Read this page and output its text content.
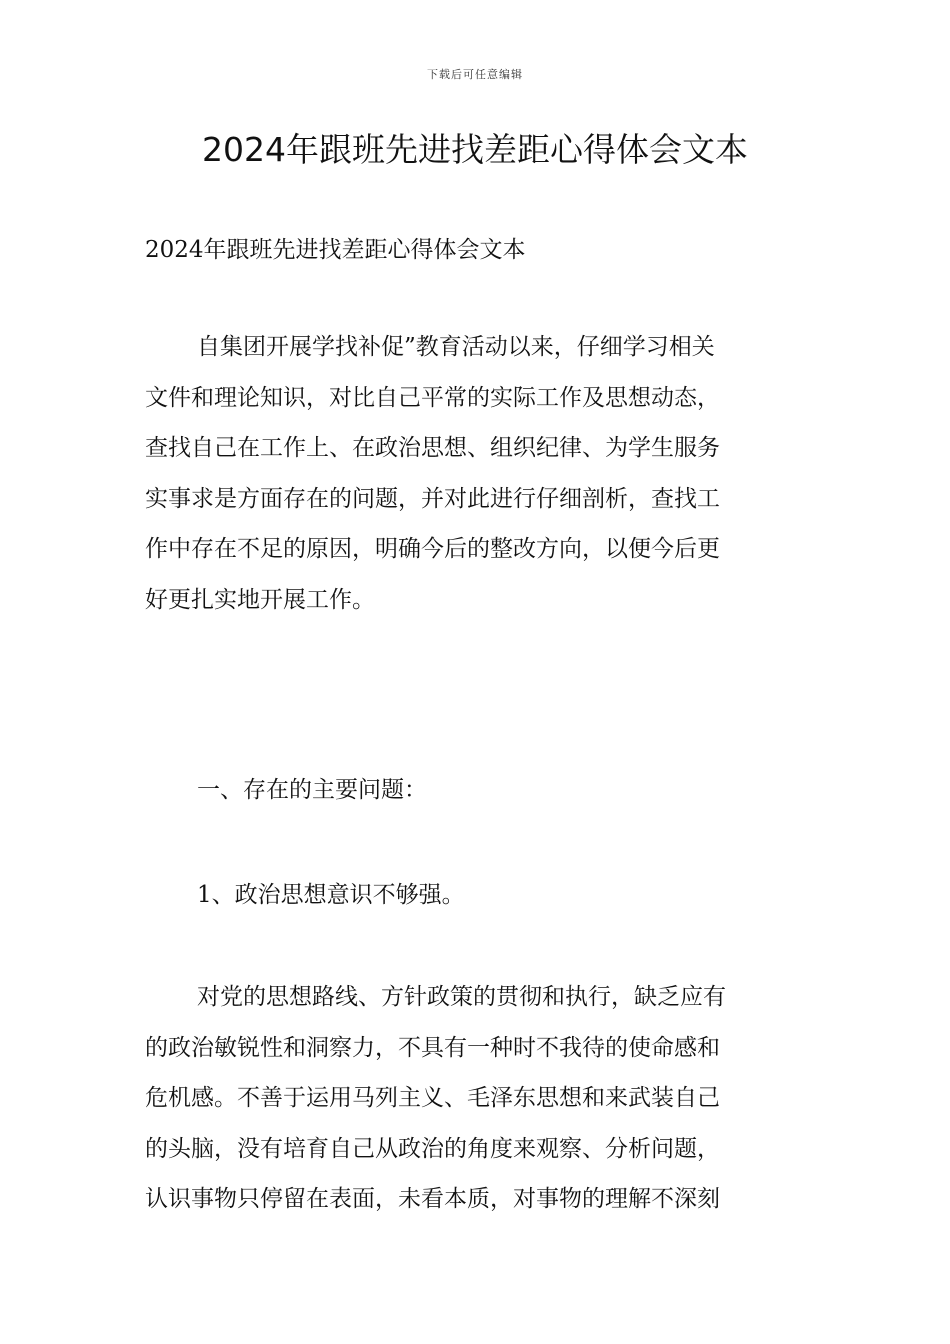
下载后可任意编辑
2024年跟班先进找差距心得体会文本
2024年跟班先进找差距心得体会文本
自集团开展学找补促”教育活动以来，仔细学习相关
文件和理论知识，对比自己平常的实际工作及思想动态，
查找自己在工作上、在政治思想、组织纪律、为学生服务
实事求是方面存在的问题，并对此进行仔细剖析，查找工
作中存在不足的原因，明确今后的整改方向，以便今后更
好更扎实地开展工作。
一、存在的主要问题：
1、政治思想意识不够强。
对党的思想路线、方针政策的贯彻和执行，缺乏应有
的政治敏锐性和洞察力，不具有一种时不我待的使命感和
危机感。不善于运用马列主义、毛泽东思想和来武装自己
的头脑，没有培育自己从政治的角度来观察、分析问题，
认识事物只停留在表面，未看本质，对事物的理解不深刻
